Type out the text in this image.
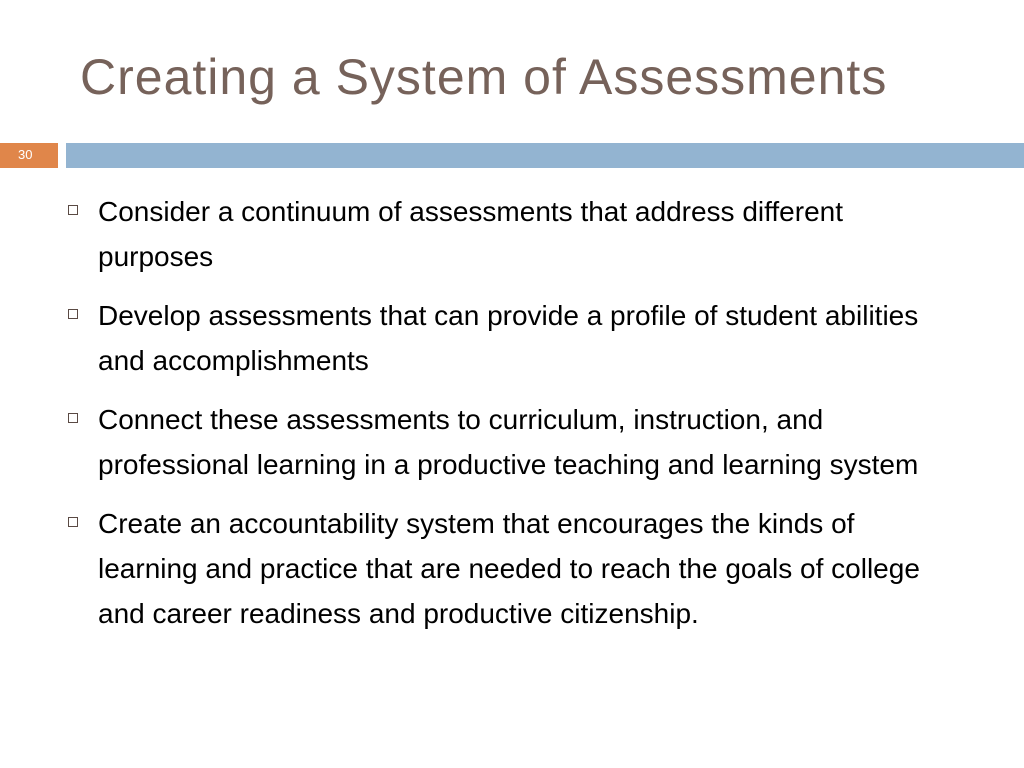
Creating a System of Assessments
30
Consider a continuum of assessments that address different purposes
Develop assessments that can provide a profile of student abilities and accomplishments
Connect these assessments to curriculum, instruction, and professional learning in a productive teaching and learning system
Create an accountability system that encourages the kinds of learning and practice that are needed to reach the goals of college and career readiness and productive citizenship.
